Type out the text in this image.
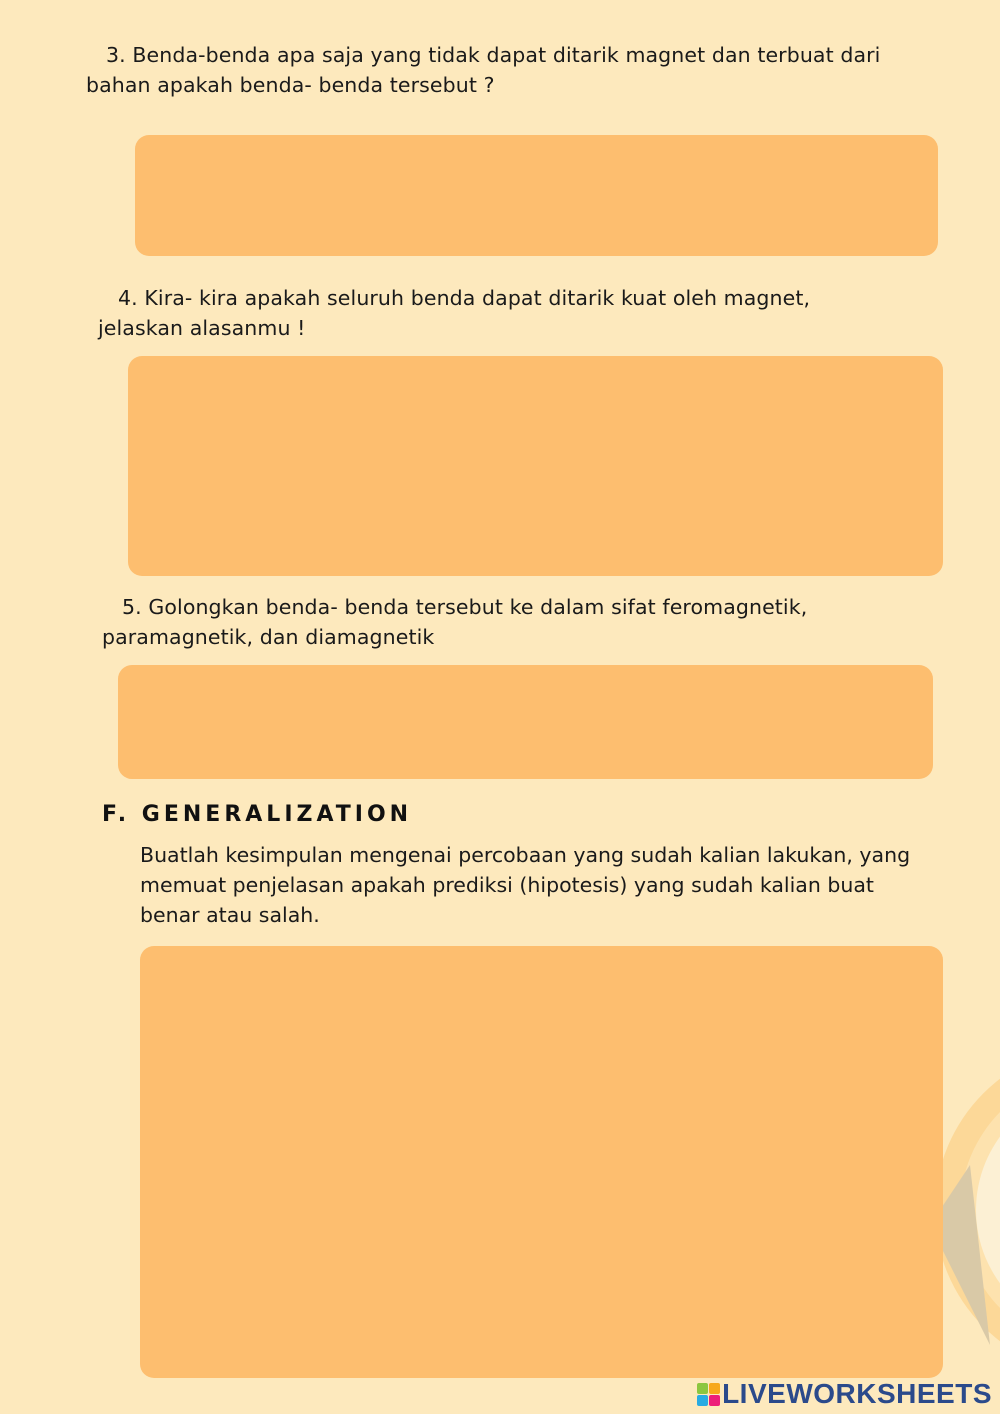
3. Benda-benda apa saja yang tidak dapat ditarik magnet dan terbuat dari bahan apakah benda- benda tersebut ?

4. Kira- kira apakah seluruh benda dapat ditarik kuat oleh magnet, jelaskan alasanmu !

5. Golongkan benda- benda tersebut ke dalam sifat feromagnetik, paramagnetik, dan diamagnetik

F. GENERALIZATION

Buatlah kesimpulan mengenai percobaan yang sudah kalian lakukan, yang memuat penjelasan apakah prediksi (hipotesis) yang sudah kalian buat benar atau salah.

LIVEWORKSHEETS
